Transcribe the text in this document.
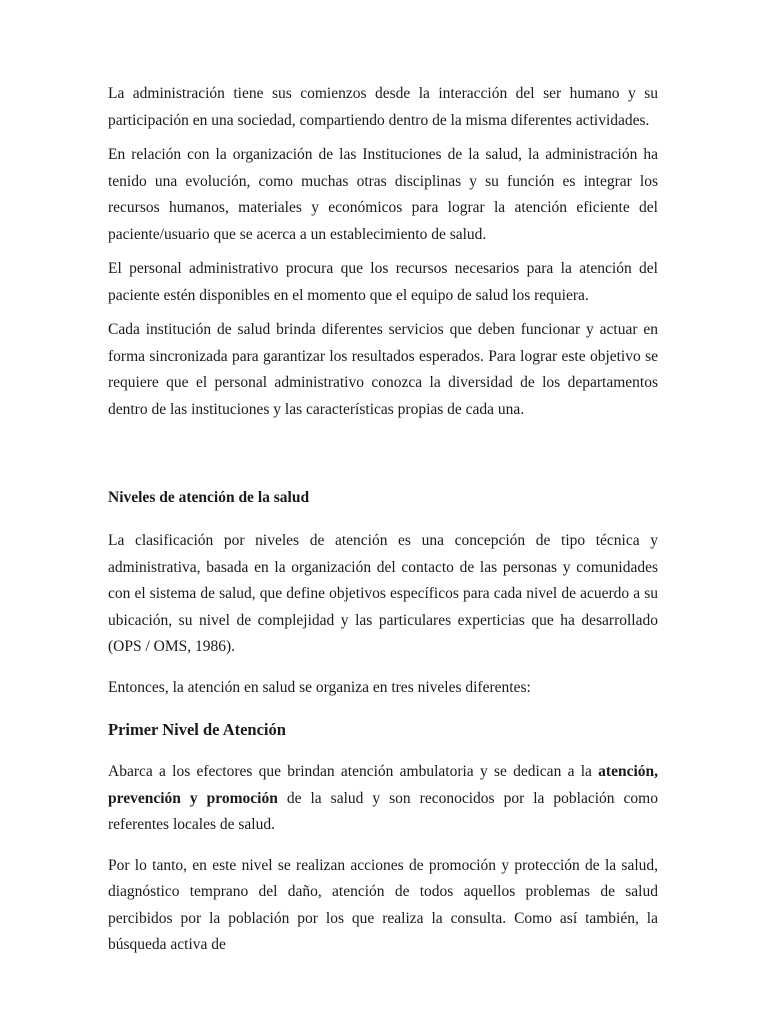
La administración tiene sus comienzos desde la interacción del ser humano y su participación en una sociedad, compartiendo dentro de la misma diferentes actividades.

En relación con la organización de las Instituciones de la salud, la administración ha tenido una evolución, como muchas otras disciplinas y su función es integrar los recursos humanos, materiales y económicos para lograr la atención eficiente del paciente/usuario que se acerca a un establecimiento de salud.

El personal administrativo procura que los recursos necesarios para la atención del paciente estén disponibles en el momento que el equipo de salud los requiera.

Cada institución de salud brinda diferentes servicios que deben funcionar y actuar en forma sincronizada para garantizar los resultados esperados. Para lograr este objetivo se requiere que el personal administrativo conozca la diversidad de los departamentos dentro de las instituciones y las características propias de cada una.

Niveles de atención de la salud

La clasificación por niveles de atención es una concepción de tipo técnica y administrativa, basada en la organización del contacto de las personas y comunidades con el sistema de salud, que define objetivos específicos para cada nivel de acuerdo a su ubicación, su nivel de complejidad y las particulares experticias que ha desarrollado (OPS / OMS, 1986).

Entonces, la atención en salud se organiza en tres niveles diferentes:

Primer Nivel de Atención

Abarca a los efectores que brindan atención ambulatoria y se dedican a la atención, prevención y promoción de la salud y son reconocidos por la población como referentes locales de salud.

Por lo tanto, en este nivel se realizan acciones de promoción y protección de la salud, diagnóstico temprano del daño, atención de todos aquellos problemas de salud percibidos por la población por los que realiza la consulta. Como así también, la búsqueda activa de
